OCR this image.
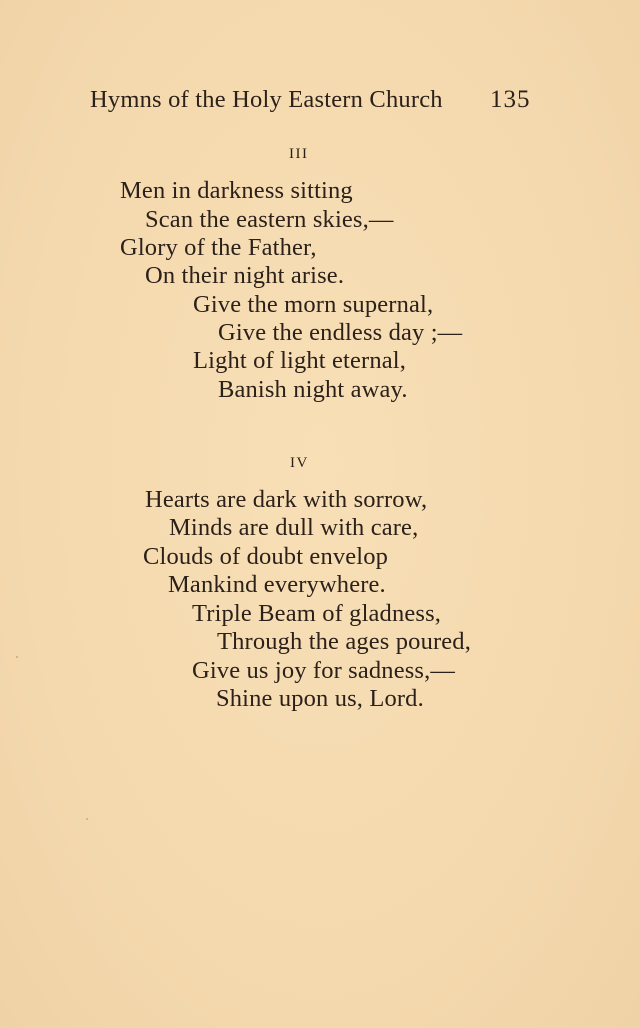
Hymns of the Holy Eastern Church 135
III
Men in darkness sitting
Scan the eastern skies,—
Glory of the Father,
On their night arise.
Give the morn supernal,
Give the endless day ;—
Light of light eternal,
Banish night away.
IV
Hearts are dark with sorrow,
Minds are dull with care,
Clouds of doubt envelop
Mankind everywhere.
Triple Beam of gladness,
Through the ages poured,
Give us joy for sadness,—
Shine upon us, Lord.
